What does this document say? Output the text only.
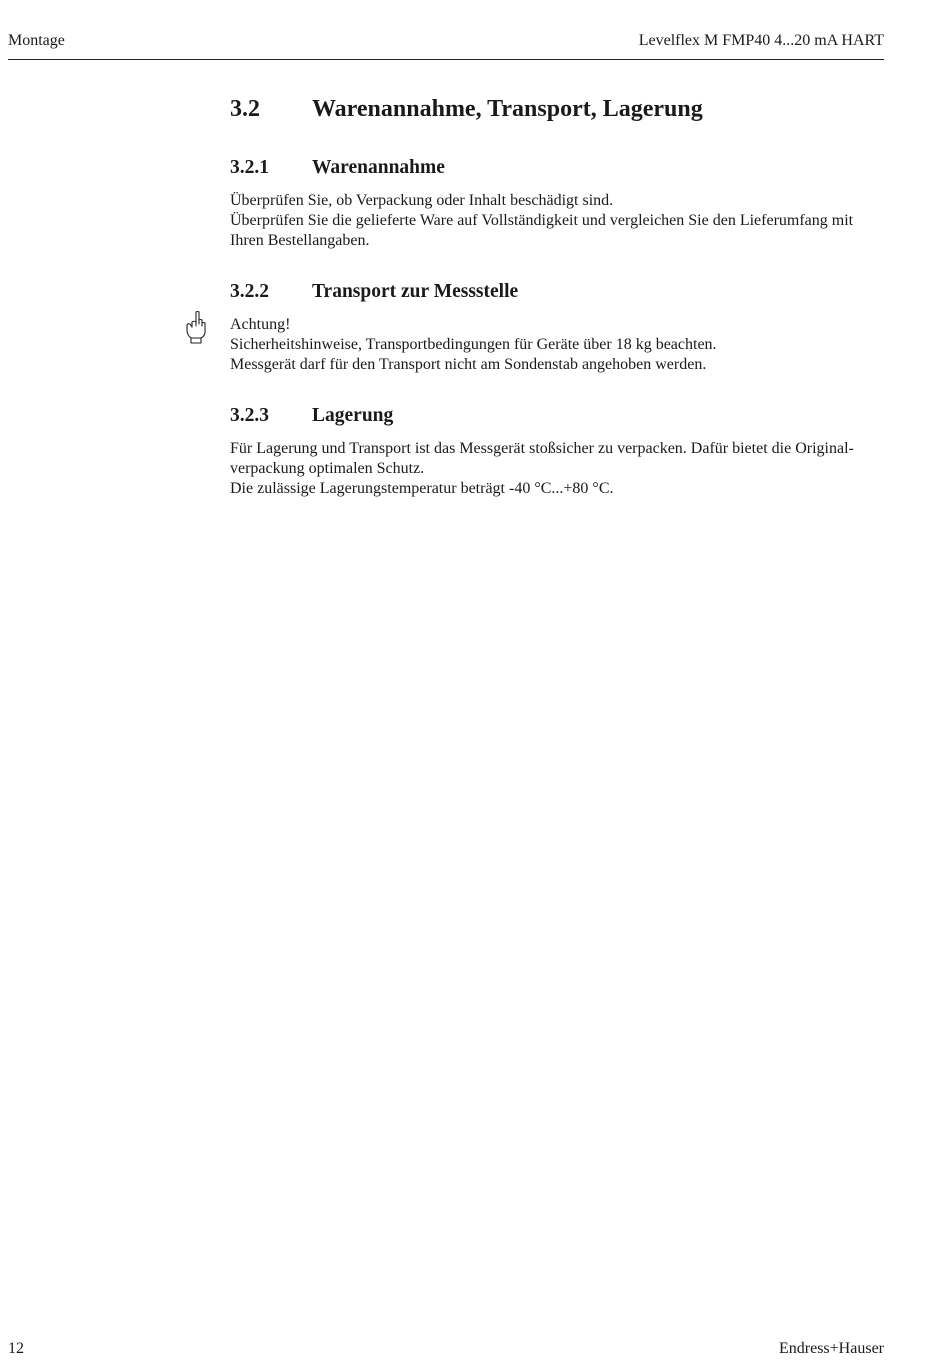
Montage	Levelflex M FMP40 4...20 mA HART
3.2 Warenannahme, Transport, Lagerung
3.2.1 Warenannahme

Überprüfen Sie, ob Verpackung oder Inhalt beschädigt sind.

Überprüfen Sie die gelieferte Ware auf Vollständigkeit und vergleichen Sie den Lieferumfang mit Ihren Bestellangaben.

3.2.2 Transport zur Messstelle

Achtung!

Sicherheitshinweise, Transportbedingungen für Geräte über 18 kg beachten.

Messgerät darf für den Transport nicht am Sondenstab angehoben werden.

3.2.3 Lagerung

Für Lagerung und Transport ist das Messgerät stoßsicher zu verpacken. Dafür bietet die Originalverpackung optimalen Schutz.

Die zulässige Lagerungstemperatur beträgt -40 °C...+80 °C.

12	Endress+Hauser
